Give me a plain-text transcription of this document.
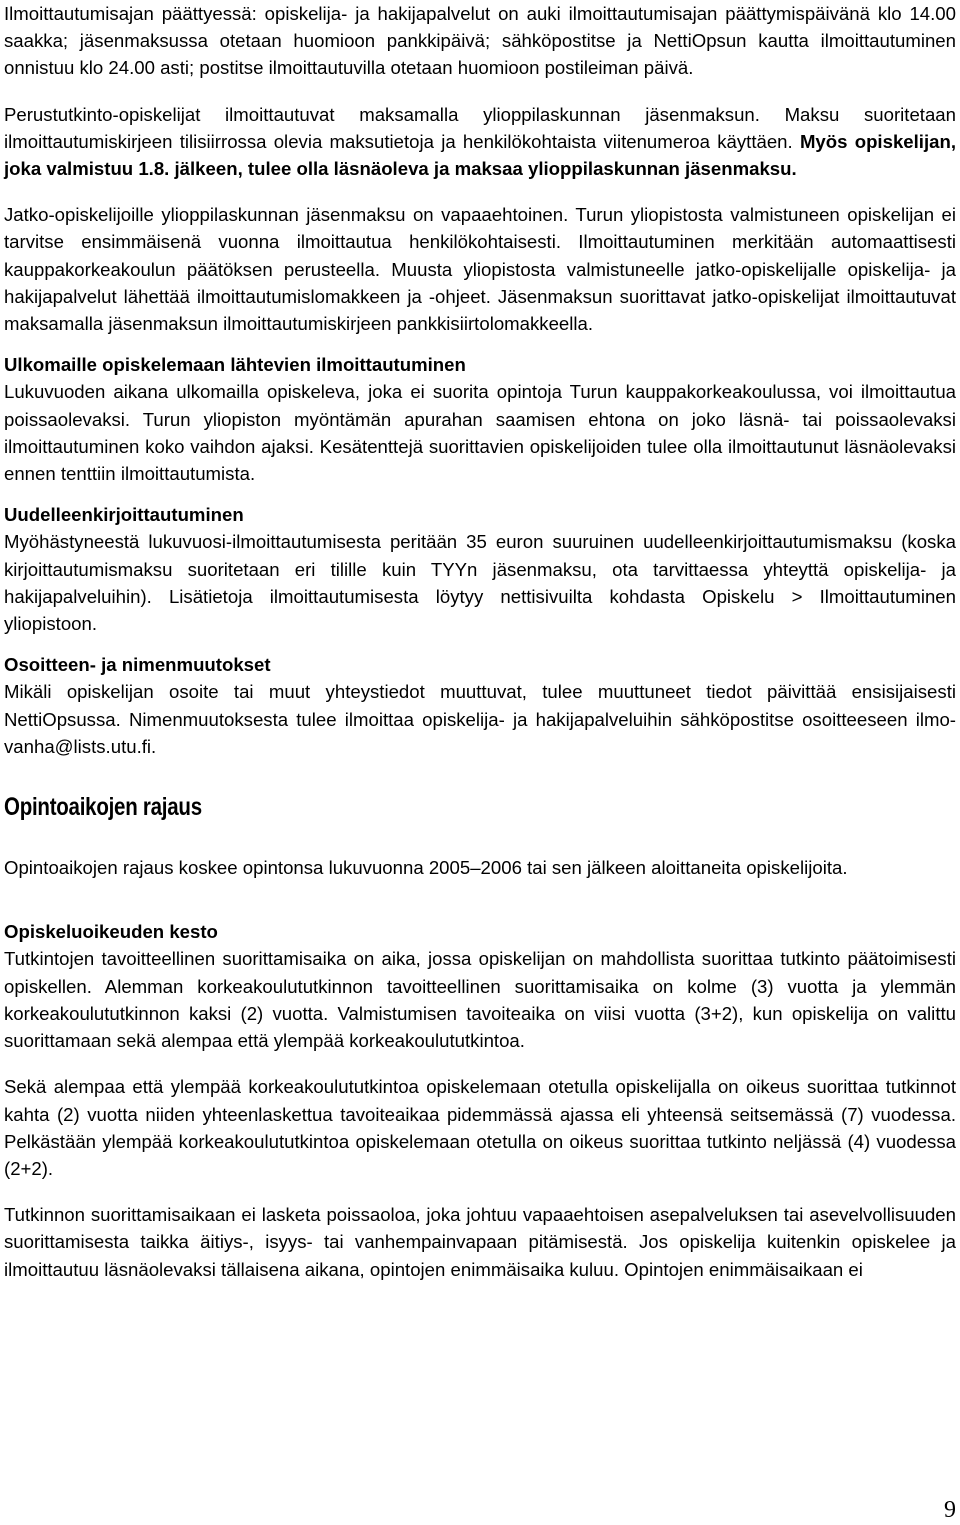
Ilmoittautumisajan päättyessä: opiskelija- ja hakijapalvelut on auki ilmoittautumisajan päättymispäivänä klo 14.00 saakka; jäsenmaksussa otetaan huomioon pankkipäivä; sähköpostitse ja NettiOpsun kautta ilmoittautuminen onnistuu klo 24.00 asti; postitse ilmoittautuvilla otetaan huomioon postileiman päivä.

Perustutkinto-opiskelijat ilmoittautuvat maksamalla ylioppilaskunnan jäsenmaksun. Maksu suoritetaan ilmoittautumiskirjeen tilisiirrossa olevia maksutietoja ja henkilökohtaista viitenumeroa käyttäen. Myös opiskelijan, joka valmistuu 1.8. jälkeen, tulee olla läsnäoleva ja maksaa ylioppilaskunnan jäsenmaksu.

Jatko-opiskelijoille ylioppilaskunnan jäsenmaksu on vapaaehtoinen. Turun yliopistosta valmistuneen opiskelijan ei tarvitse ensimmäisenä vuonna ilmoittautua henkilökohtaisesti. Ilmoittautuminen merkitään automaattisesti kauppakorkeakoulun päätöksen perusteella. Muusta yliopistosta valmistuneelle jatko-opiskelijalle opiskelija- ja hakijapalvelut lähettää ilmoittautumislomakkeen ja -ohjeet. Jäsenmaksun suorittavat jatko-opiskelijat ilmoittautuvat maksamalla jäsenmaksun ilmoittautumiskirjeen pankkisiirtolomakkeella.

Ulkomaille opiskelemaan lähtevien ilmoittautuminen

Lukuvuoden aikana ulkomailla opiskeleva, joka ei suorita opintoja Turun kauppakorkeakoulussa, voi ilmoittautua poissaolevaksi. Turun yliopiston myöntämän apurahan saamisen ehtona on joko läsnä- tai poissaolevaksi ilmoittautuminen koko vaihdon ajaksi. Kesätenttejä suorittavien opiskelijoiden tulee olla ilmoittautunut läsnäolevaksi ennen tenttiin ilmoittautumista.

Uudelleenkirjoittautuminen

Myöhästyneestä lukuvuosi-ilmoittautumisesta peritään 35 euron suuruinen uudelleenkirjoittautumismaksu (koska kirjoittautumismaksu suoritetaan eri tilille kuin TYYn jäsenmaksu, ota tarvittaessa yhteyttä opiskelija- ja hakijapalveluihin). Lisätietoja ilmoittautumisesta löytyy nettisivuilta kohdasta Opiskelu > Ilmoittautuminen yliopistoon.

Osoitteen- ja nimenmuutokset

Mikäli opiskelijan osoite tai muut yhteystiedot muuttuvat, tulee muuttuneet tiedot päivittää ensisijaisesti NettiOpsussa. Nimenmuutoksesta tulee ilmoittaa opiskelija- ja hakijapalveluihin sähköpostitse osoitteeseen ilmo-vanha@lists.utu.fi.

Opintoaikojen rajaus

Opintoaikojen rajaus koskee opintonsa lukuvuonna 2005–2006 tai sen jälkeen aloittaneita opiskelijoita.

Opiskeluoikeuden kesto

Tutkintojen tavoitteellinen suorittamisaika on aika, jossa opiskelijan on mahdollista suorittaa tutkinto päätoimisesti opiskellen. Alemman korkeakoulututkinnon tavoitteellinen suorittamisaika on kolme (3) vuotta ja ylemmän korkeakoulututkinnon kaksi (2) vuotta. Valmistumisen tavoiteaika on viisi vuotta (3+2), kun opiskelija on valittu suorittamaan sekä alempaa että ylempää korkeakoulututkintoa.

Sekä alempaa että ylempää korkeakoulututkintoa opiskelemaan otetulla opiskelijalla on oikeus suorittaa tutkinnot kahta (2) vuotta niiden yhteenlaskettua tavoiteaikaa pidemmässä ajassa eli yhteensä seitsemässä (7) vuodessa. Pelkästään ylempää korkeakoulututkintoa opiskelemaan otetulla on oikeus suorittaa tutkinto neljässä (4) vuodessa (2+2).

Tutkinnon suorittamisaikaan ei lasketa poissaoloa, joka johtuu vapaaehtoisen asepalveluksen tai asevelvollisuuden suorittamisesta taikka äitiys-, isyys- tai vanhempainvapaan pitämisestä. Jos opiskelija kuitenkin opiskelee ja ilmoittautuu läsnäolevaksi tällaisena aikana, opintojen enimmäisaika kuluu. Opintojen enimmäisaikaan ei

9
